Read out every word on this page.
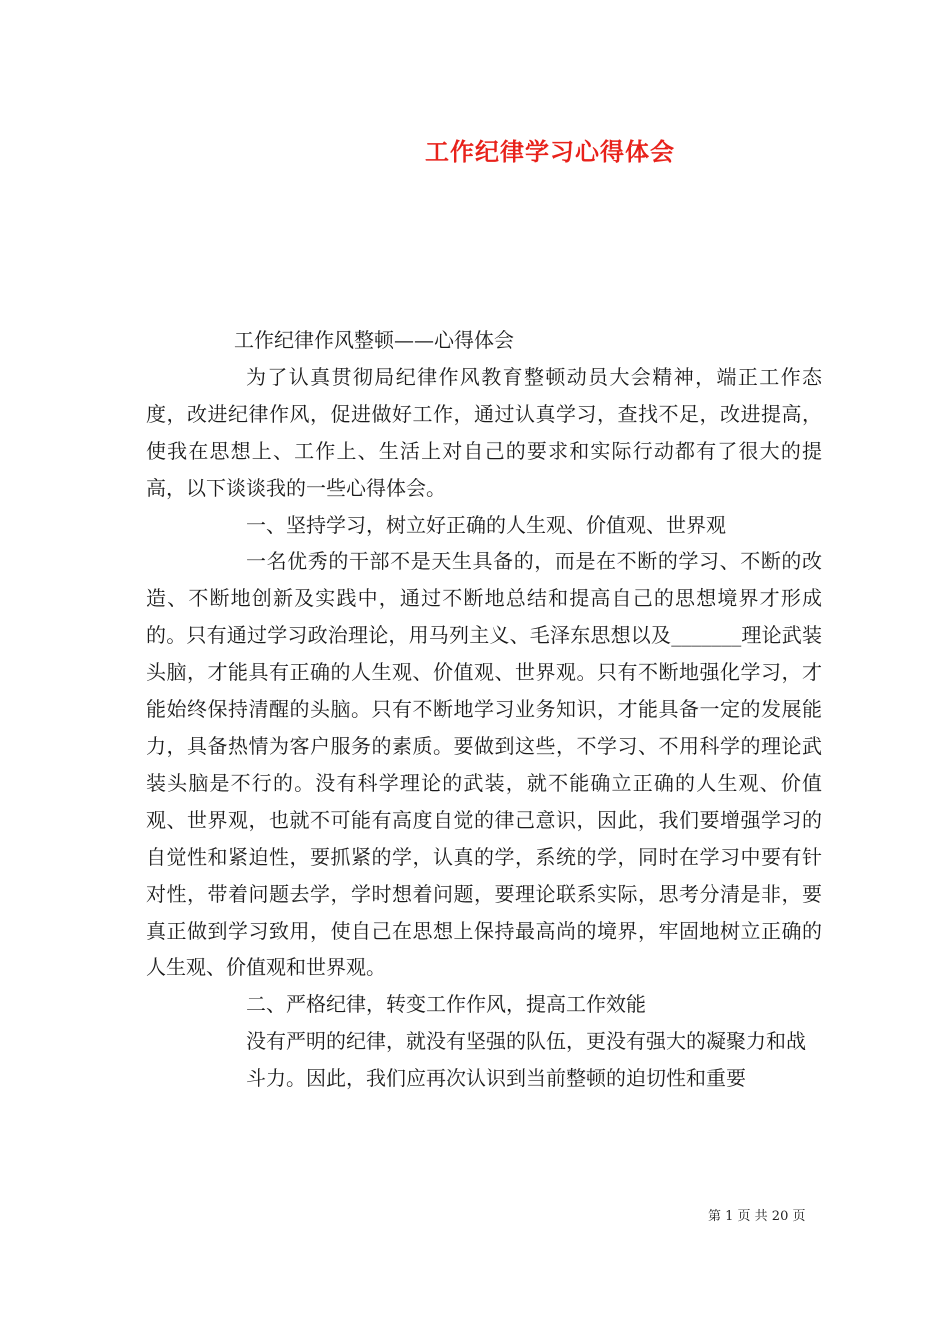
工作纪律学习心得体会

工作纪律作风整顿——心得体会

为了认真贯彻局纪律作风教育整顿动员大会精神，端正工作态度，改进纪律作风，促进做好工作，通过认真学习，查找不足，改进提高，使我在思想上、工作上、生活上对自己的要求和实际行动都有了很大的提高，以下谈谈我的一些心得体会。

一、坚持学习，树立好正确的人生观、价值观、世界观

一名优秀的干部不是天生具备的，而是在不断的学习、不断的改造、不断地创新及实践中，通过不断地总结和提高自己的思想境界才形成的。只有通过学习政治理论，用马列主义、毛泽东思想以及_______理论武装头脑，才能具有正确的人生观、价值观、世界观。只有不断地强化学习，才能始终保持清醒的头脑。只有不断地学习业务知识，才能具备一定的发展能力，具备热情为客户服务的素质。要做到这些，不学习、不用科学的理论武装头脑是不行的。没有科学理论的武装，就不能确立正确的人生观、价值观、世界观，也就不可能有高度自觉的律己意识，因此，我们要增强学习的自觉性和紧迫性，要抓紧的学，认真的学，系统的学，同时在学习中要有针对性，带着问题去学，学时想着问题，要理论联系实际，思考分清是非，要真正做到学习致用，使自己在思想上保持最高尚的境界，牢固地树立正确的人生观、价值观和世界观。

二、严格纪律，转变工作作风，提高工作效能

没有严明的纪律，就没有坚强的队伍，更没有强大的凝聚力和战

斗力。因此，我们应再次认识到当前整顿的迫切性和重要

第 1 页 共 20 页
